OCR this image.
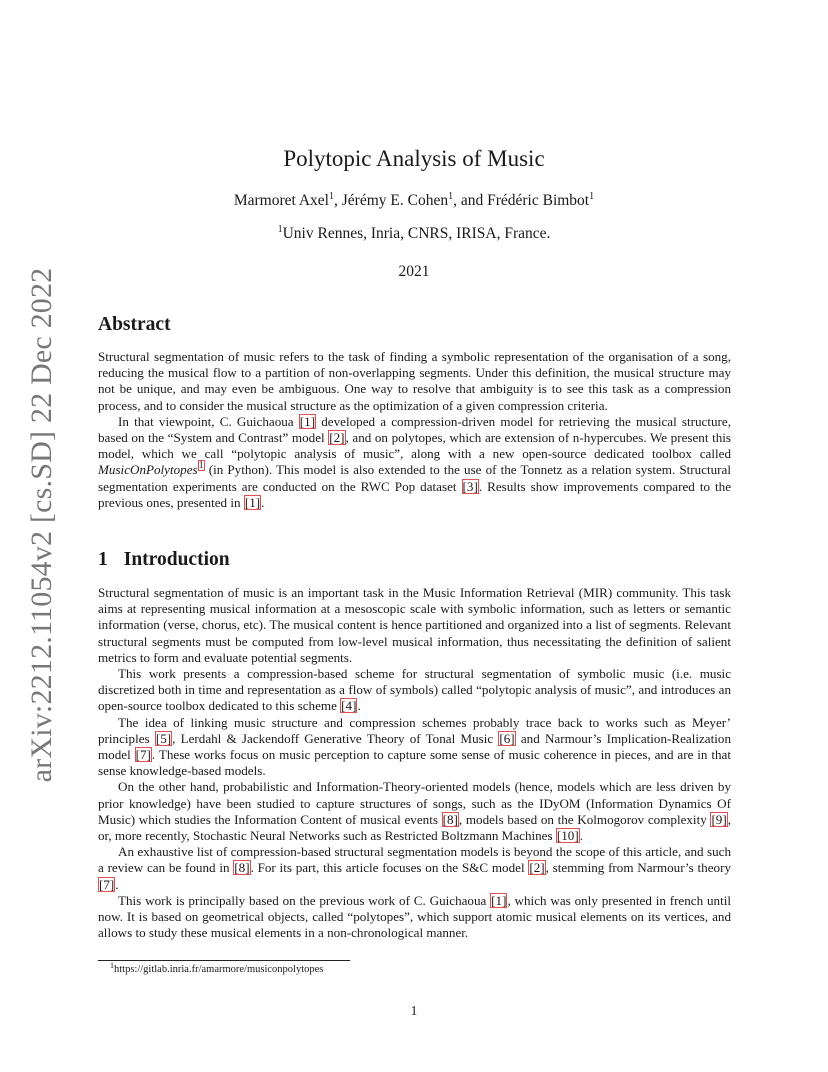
arXiv:2212.11054v2 [cs.SD] 22 Dec 2022
Polytopic Analysis of Music
Marmoret Axel$^1$, Jérémy E. Cohen$^1$, and Frédéric Bimbot$^1$
$^1$Univ Rennes, Inria, CNRS, IRISA, France.
2021
Abstract

Structural segmentation of music refers to the task of finding a symbolic representation of the organisation of a song, reducing the musical flow to a partition of non-overlapping segments. Under this definition, the musical structure may not be unique, and may even be ambiguous. One way to resolve that ambiguity is to see this task as a compression process, and to consider the musical structure as the optimization of a given compression criteria.

In that viewpoint, C. Guichaoua [1] developed a compression-driven model for retrieving the musical structure, based on the “System and Contrast” model [2], and on polytopes, which are extension of n-hypercubes. We present this model, which we call “polytopic analysis of music”, along with a new open-source dedicated toolbox called MusicOnPolytopes$^1$ (in Python). This model is also extended to the use of the Tonnetz as a relation system. Structural segmentation experiments are conducted on the RWC Pop dataset [3]. Results show improvements compared to the previous ones, presented in [1].

1 Introduction

Structural segmentation of music is an important task in the Music Information Retrieval (MIR) community. This task aims at representing musical information at a mesoscopic scale with symbolic information, such as letters or semantic information (verse, chorus, etc). The musical content is hence partitioned and organized into a list of segments. Relevant structural segments must be computed from low-level musical information, thus necessitating the definition of salient metrics to form and evaluate potential segments.

This work presents a compression-based scheme for structural segmentation of symbolic music (i.e. music discretized both in time and representation as a flow of symbols) called “polytopic analysis of music”, and introduces an open-source toolbox dedicated to this scheme [4].

The idea of linking music structure and compression schemes probably trace back to works such as Meyer’ principles [5], Lerdahl & Jackendoff Generative Theory of Tonal Music [6] and Narmour’s Implication-Realization model [7]. These works focus on music perception to capture some sense of music coherence in pieces, and are in that sense knowledge-based models.

On the other hand, probabilistic and Information-Theory-oriented models (hence, models which are less driven by prior knowledge) have been studied to capture structures of songs, such as the IDyOM (Information Dynamics Of Music) which studies the Information Content of musical events [8], models based on the Kolmogorov complexity [9], or, more recently, Stochastic Neural Networks such as Restricted Boltzmann Machines [10].

An exhaustive list of compression-based structural segmentation models is beyond the scope of this article, and such a review can be found in [8]. For its part, this article focuses on the S&C model [2], stemming from Narmour’s theory [7].

This work is principally based on the previous work of C. Guichaoua [1], which was only presented in french until now. It is based on geometrical objects, called “polytopes”, which support atomic musical elements on its vertices, and allows to study these musical elements in a non-chronological manner.

$^1$https://gitlab.inria.fr/amarmore/musiconpolytopes
1
